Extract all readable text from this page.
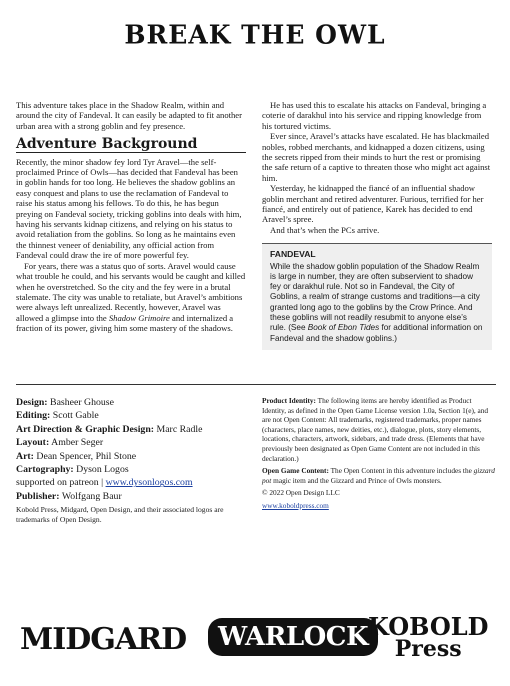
BREAK THE OWL

This adventure takes place in the Shadow Realm, within and around the city of Fandeval. It can easily be adapted to fit another urban area with a strong goblin and fey presence.

Adventure Background

Recently, the minor shadow fey lord Tyr Aravel—the self-proclaimed Prince of Owls—has decided that Fandeval has been in goblin hands for too long. He believes the shadow goblins an easy conquest and plans to use the reclamation of Fandeval to raise his status among his fellows. To do this, he has begun preying on Fandeval society, tricking goblins into deals with him, having his servants kidnap citizens, and relying on his status to avoid retaliation from the goblins. So long as he maintains even the thinnest veneer of deniability, any official action from Fandeval could draw the ire of more powerful fey.

For years, there was a status quo of sorts. Aravel would cause what trouble he could, and his servants would be caught and killed when he overstretched. So the city and the fey were in a brutal stalemate. The city was unable to retaliate, but Aravel’s ambitions were always left unrealized. Recently, however, Aravel was allowed a glimpse into the Shadow Grimoire and internalized a fraction of its power, giving him some mastery of the shadows.

He has used this to escalate his attacks on Fandeval, bringing a coterie of darakhul into his service and ripping knowledge from his tortured victims.

Ever since, Aravel’s attacks have escalated. He has blackmailed nobles, robbed merchants, and kidnapped a dozen citizens, using the secrets ripped from their minds to hurt the rest or promising the safe return of a captive to threaten those who might act against him.

Yesterday, he kidnapped the fiancé of an influential shadow goblin merchant and retired adventurer. Furious, terrified for her fiancé, and entirely out of patience, Karek has decided to end Aravel’s spree.

And that’s when the PCs arrive.

FANDEVAL
While the shadow goblin population of the Shadow Realm is large in number, they are often subservient to shadow fey or darakhul rule. Not so in Fandeval, the City of Goblins, a realm of strange customs and traditions—a city granted long ago to the goblins by the Crow Prince. And these goblins will not readily resubmit to anyone else’s rule. (See Book of Ebon Tides for additional information on Fandeval and the shadow goblins.)
Design: Basheer Ghouse
Editing: Scott Gable
Art Direction & Graphic Design: Marc Radle
Layout: Amber Seger
Art: Dean Spencer, Phil Stone
Cartography: Dyson Logos
supported on patreon | www.dysonlogos.com
Publisher: Wolfgang Baur
Kobold Press, Midgard, Open Design, and their associated logos are trademarks of Open Design.

Product Identity: The following items are hereby identified as Product Identity, as defined in the Open Game License version 1.0a, Section 1(e), and are not Open Content: All trademarks, registered trademarks, proper names (characters, place names, new deities, etc.), dialogue, plots, story elements, locations, characters, artwork, sidebars, and trade dress. (Elements that have previously been designated as Open Game Content are not included in this declaration.)

Open Game Content: The Open Content in this adventure includes the gizzard pot magic item and the Gizzard and Prince of Owls monsters.

© 2022 Open Design LLC

www.koboldpress.com

MIDGARD	WARLOCK KOBOLD
Press
